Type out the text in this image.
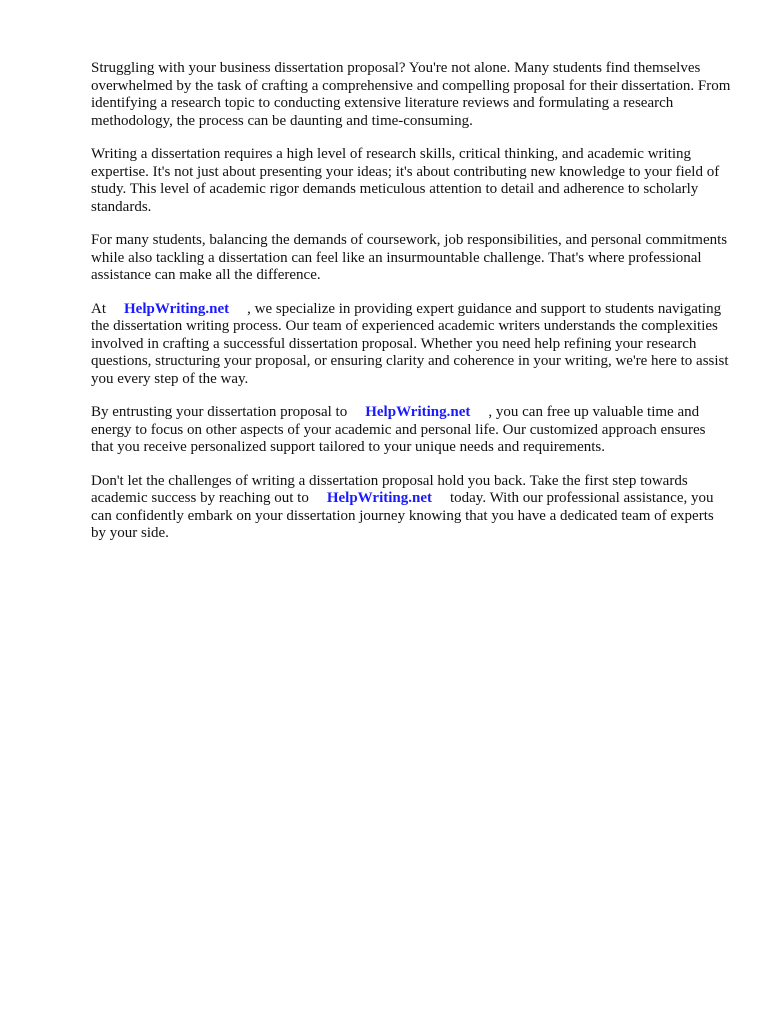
Struggling with your business dissertation proposal? You're not alone. Many students find themselves overwhelmed by the task of crafting a comprehensive and compelling proposal for their dissertation. From identifying a research topic to conducting extensive literature reviews and formulating a research methodology, the process can be daunting and time-consuming.

Writing a dissertation requires a high level of research skills, critical thinking, and academic writing expertise. It's not just about presenting your ideas; it's about contributing new knowledge to your field of study. This level of academic rigor demands meticulous attention to detail and adherence to scholarly standards.

For many students, balancing the demands of coursework, job responsibilities, and personal commitments while also tackling a dissertation can feel like an insurmountable challenge. That's where professional assistance can make all the difference.

At HelpWriting.net , we specialize in providing expert guidance and support to students navigating the dissertation writing process. Our team of experienced academic writers understands the complexities involved in crafting a successful dissertation proposal. Whether you need help refining your research questions, structuring your proposal, or ensuring clarity and coherence in your writing, we're here to assist you every step of the way.

By entrusting your dissertation proposal to HelpWriting.net , you can free up valuable time and energy to focus on other aspects of your academic and personal life. Our customized approach ensures that you receive personalized support tailored to your unique needs and requirements.

Don't let the challenges of writing a dissertation proposal hold you back. Take the first step towards academic success by reaching out to HelpWriting.net today. With our professional assistance, you can confidently embark on your dissertation journey knowing that you have a dedicated team of experts by your side.
